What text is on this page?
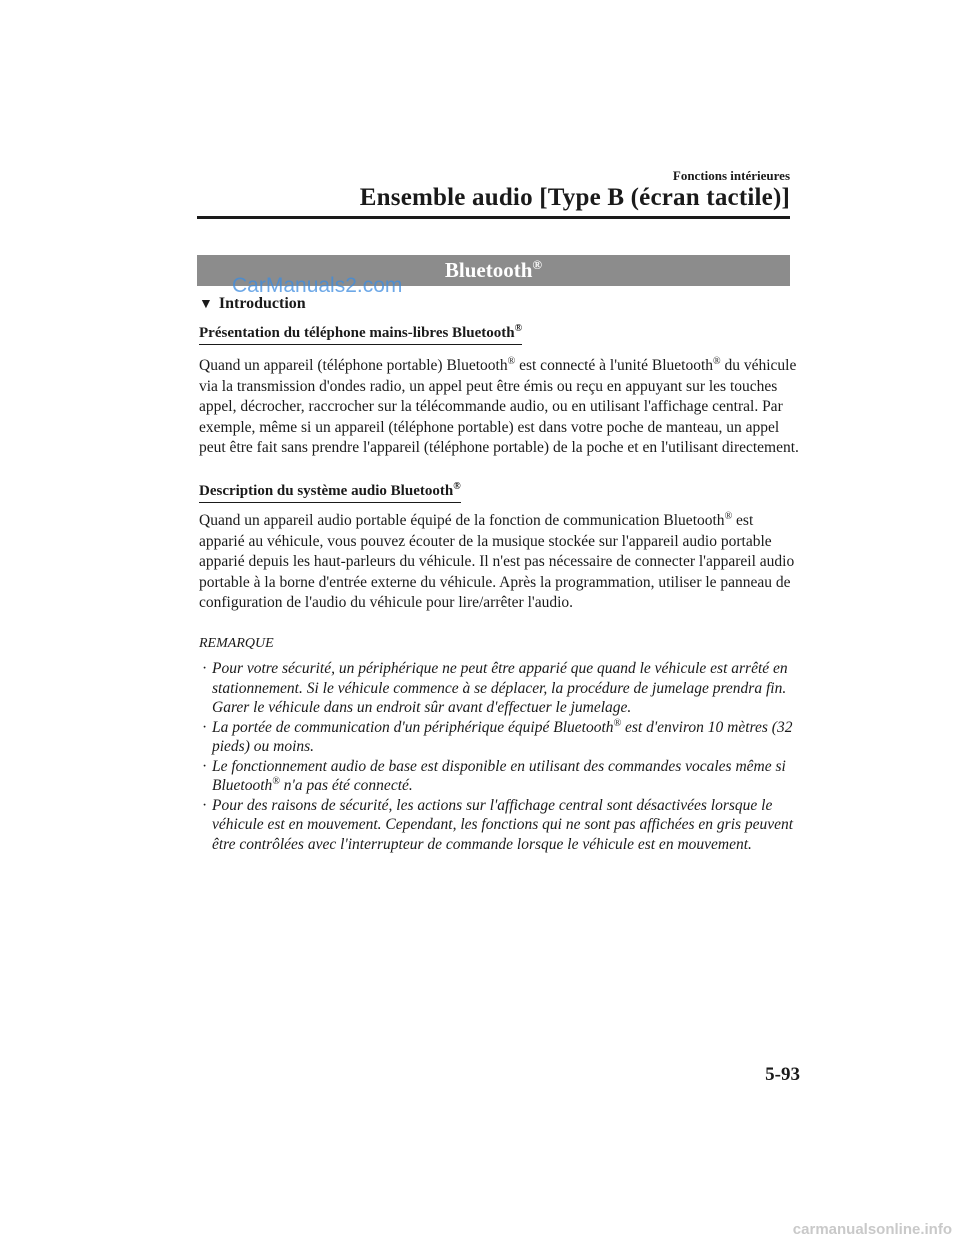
Fonctions intérieures
Ensemble audio [Type B (écran tactile)]
Bluetooth®
CarManuals2.com
▼ Introduction
Présentation du téléphone mains-libres Bluetooth®

Quand un appareil (téléphone portable) Bluetooth® est connecté à l'unité Bluetooth® du véhicule via la transmission d'ondes radio, un appel peut être émis ou reçu en appuyant sur les touches appel, décrocher, raccrocher sur la télécommande audio, ou en utilisant l'affichage central. Par exemple, même si un appareil (téléphone portable) est dans votre poche de manteau, un appel peut être fait sans prendre l'appareil (téléphone portable) de la poche et en l'utilisant directement.

Description du système audio Bluetooth®

Quand un appareil audio portable équipé de la fonction de communication Bluetooth® est apparié au véhicule, vous pouvez écouter de la musique stockée sur l'appareil audio portable apparié depuis les haut-parleurs du véhicule. Il n'est pas nécessaire de connecter l'appareil audio portable à la borne d'entrée externe du véhicule. Après la programmation, utiliser le panneau de configuration de l'audio du véhicule pour lire/arrêter l'audio.

REMARQUE
· Pour votre sécurité, un périphérique ne peut être apparié que quand le véhicule est arrêté en stationnement. Si le véhicule commence à se déplacer, la procédure de jumelage prendra fin. Garer le véhicule dans un endroit sûr avant d'effectuer le jumelage.
· La portée de communication d'un périphérique équipé Bluetooth® est d'environ 10 mètres (32 pieds) ou moins.
· Le fonctionnement audio de base est disponible en utilisant des commandes vocales même si Bluetooth® n'a pas été connecté.
· Pour des raisons de sécurité, les actions sur l'affichage central sont désactivées lorsque le véhicule est en mouvement. Cependant, les fonctions qui ne sont pas affichées en gris peuvent être contrôlées avec l'interrupteur de commande lorsque le véhicule est en mouvement.
5-93
carmanualsonline.info
